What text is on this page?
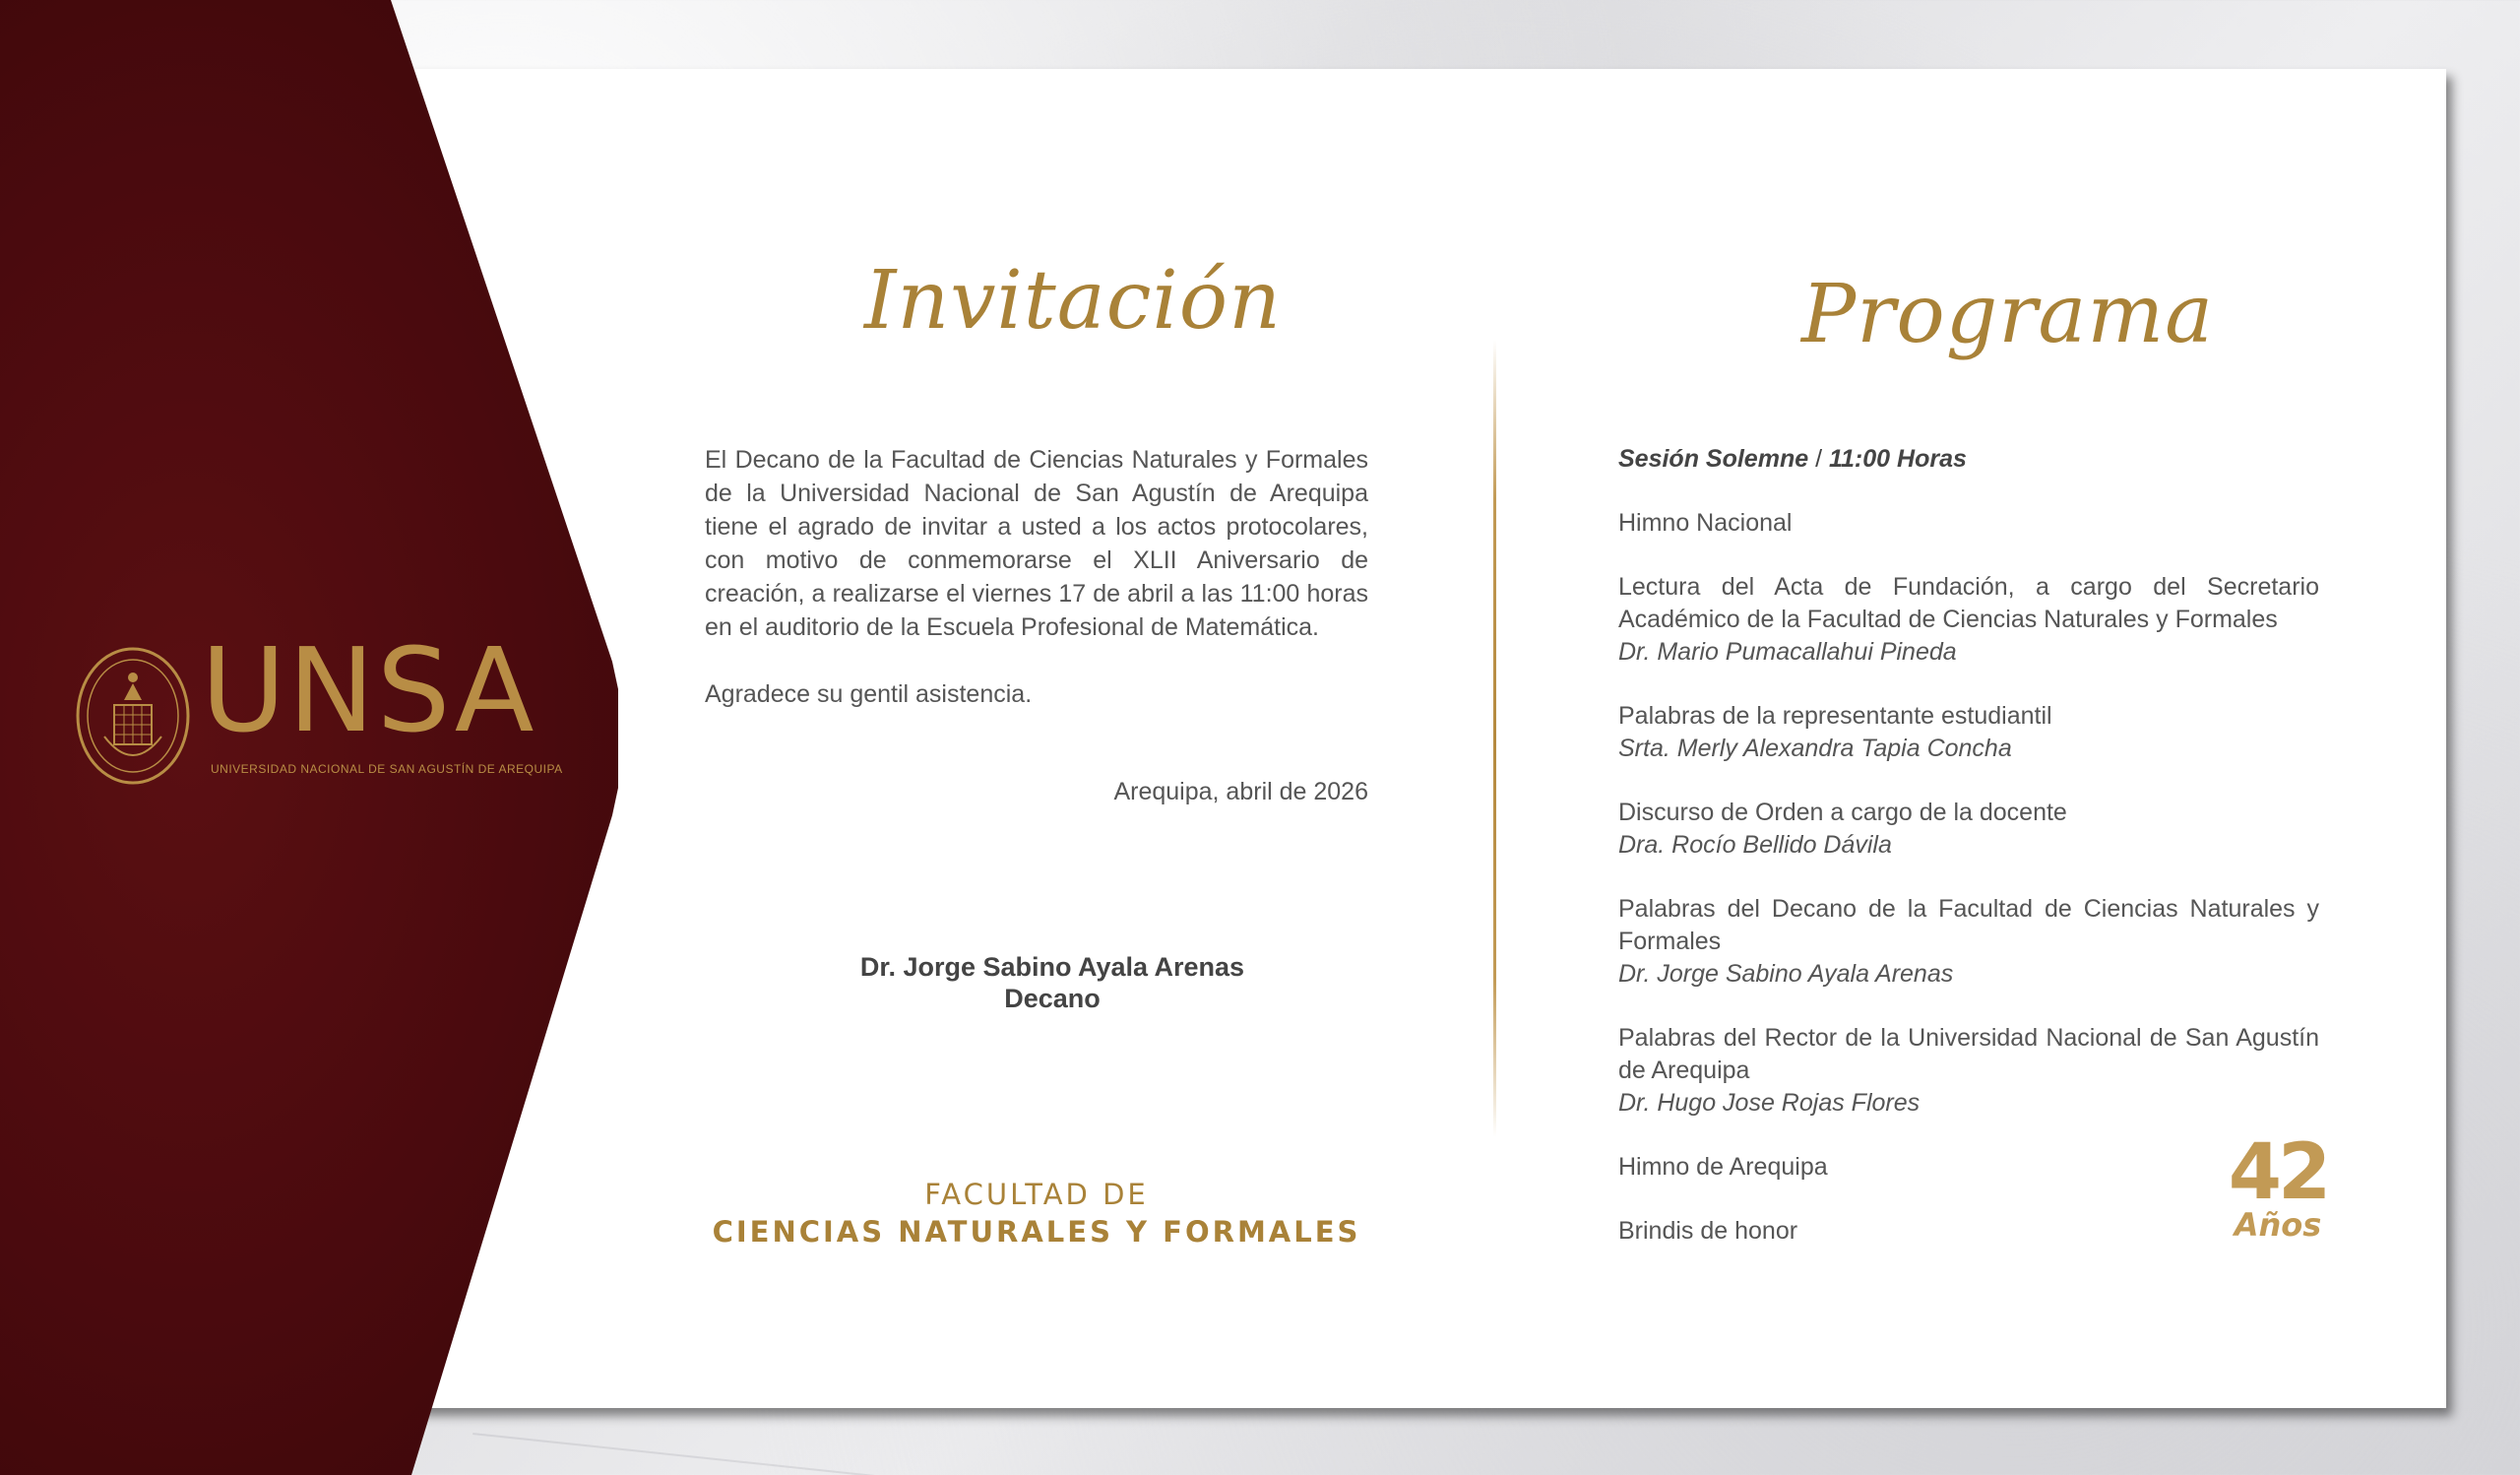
UNSA
UNIVERSIDAD NACIONAL DE SAN AGUSTÍN DE AREQUIPA
Invitación	Programa

El Decano de la Facultad de Ciencias Naturales y Formales de la Universidad Nacional de San Agustín de Arequipa tiene el agrado de invitar a usted a los actos protocolares, con motivo de conmemorarse el XLII Aniversario de creación, a realizarse el viernes 17 de abril a las 11:00 horas en el auditorio de la Escuela Profesional de Matemática.

Agradece su gentil asistencia.

Arequipa, abril de 2026
Dr. Jorge Sabino Ayala Arenas
Decano
FACULTAD DE
CIENCIAS NATURALES Y FORMALES
Sesión Solemne / 11:00 Horas
Himno Nacional
Lectura del Acta de Fundación, a cargo del Secretario Académico de la Facultad de Ciencias Naturales y Formales
Dr. Mario Pumacallahui Pineda
Palabras de la representante estudiantil
Srta. Merly Alexandra Tapia Concha
Discurso de Orden a cargo de la docente
Dra. Rocío Bellido Dávila
Palabras del Decano de la Facultad de Ciencias Naturales y Formales
Dr. Jorge Sabino Ayala Arenas
Palabras del Rector de la Universidad Nacional de San Agustín de Arequipa
Dr. Hugo Jose Rojas Flores
Himno de Arequipa
Brindis de honor
42
Años
